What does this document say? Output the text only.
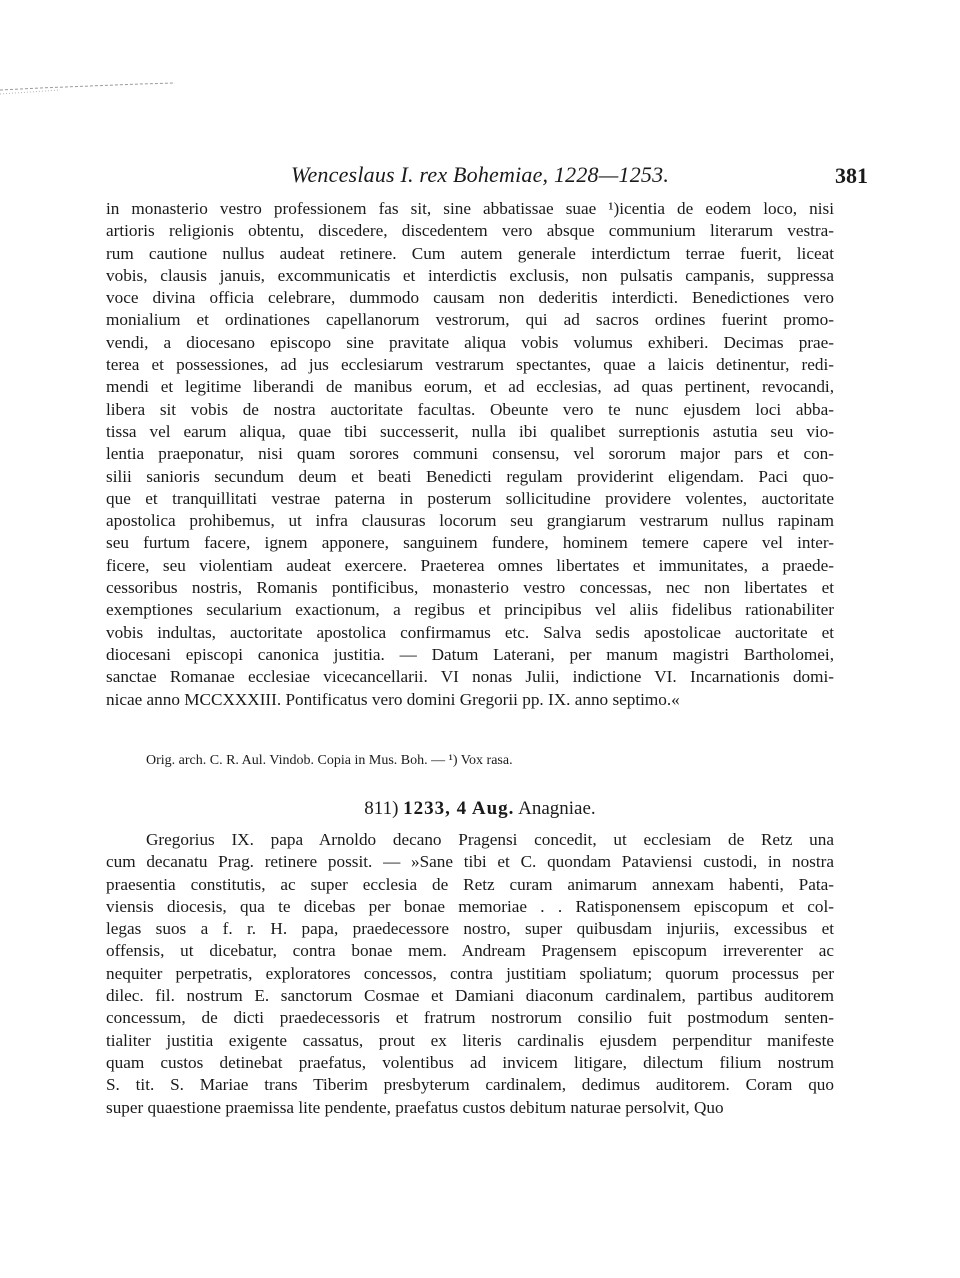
Wenceslaus I. rex Bohemiae, 1228—1253.	381
in monasterio vestro professionem fas sit, sine abbatissae suae ¹)icentia de eodem loco, nisi
artioris religionis obtentu, discedere, discedentem vero absque communium literarum vestra-
rum cautione nullus audeat retinere. Cum autem generale interdictum terrae fuerit, liceat
vobis, clausis januis, excommunicatis et interdictis exclusis, non pulsatis campanis, suppressa
voce divina officia celebrare, dummodo causam non dederitis interdicti. Benedictiones vero
monialium et ordinationes capellanorum vestrorum, qui ad sacros ordines fuerint promo-
vendi, a diocesano episcopo sine pravitate aliqua vobis volumus exhiberi. Decimas prae-
terea et possessiones, ad jus ecclesiarum vestrarum spectantes, quae a laicis detinentur, redi-
mendi et legitime liberandi de manibus eorum, et ad ecclesias, ad quas pertinent, revocandi,
libera sit vobis de nostra auctoritate facultas. Obeunte vero te nunc ejusdem loci abba-
tissa vel earum aliqua, quae tibi successerit, nulla ibi qualibet surreptionis astutia seu vio-
lentia praeponatur, nisi quam sorores communi consensu, vel sororum major pars et con-
silii sanioris secundum deum et beati Benedicti regulam providerint eligendam. Paci quo-
que et tranquillitati vestrae paterna in posterum sollicitudine providere volentes, auctoritate
apostolica prohibemus, ut infra clausuras locorum seu grangiarum vestrarum nullus rapinam
seu furtum facere, ignem apponere, sanguinem fundere, hominem temere capere vel inter-
ficere, seu violentiam audeat exercere. Praeterea omnes libertates et immunitates, a praede-
cessoribus nostris, Romanis pontificibus, monasterio vestro concessas, nec non libertates et
exemptiones secularium exactionum, a regibus et principibus vel aliis fidelibus rationabiliter
vobis indultas, auctoritate apostolica confirmamus etc. Salva sedis apostolicae auctoritate et
diocesani episcopi canonica justitia. — Datum Laterani, per manum magistri Bartholomei,
sanctae Romanae ecclesiae vicecancellarii. VI nonas Julii, indictione VI. Incarnationis domi-
nicae anno MCCXXXIII. Pontificatus vero domini Gregorii pp. IX. anno septimo.«
Orig. arch. C. R. Aul. Vindob. Copia in Mus. Boh. — ¹) Vox rasa.
811) 1233, 4 Aug. Anagniae.
Gregorius IX. papa Arnoldo decano Pragensi concedit, ut ecclesiam de Retz una
cum decanatu Prag. retinere possit. — »Sane tibi et C. quondam Pataviensi custodi, in nostra
praesentia constitutis, ac super ecclesia de Retz curam animarum annexam habenti, Pata-
viensis diocesis, qua te dicebas per bonae memoriae . . Ratisponensem episcopum et col-
legas suos a f. r. H. papa, praedecessore nostro, super quibusdam injuriis, excessibus et
offensis, ut dicebatur, contra bonae mem. Andream Pragensem episcopum irreverenter ac
nequiter perpetratis, exploratores concessos, contra justitiam spoliatum; quorum processus per
dilec. fil. nostrum E. sanctorum Cosmae et Damiani diaconum cardinalem, partibus auditorem
concessum, de dicti praedecessoris et fratrum nostrorum consilio fuit postmodum senten-
tialiter justitia exigente cassatus, prout ex literis cardinalis ejusdem perpenditur manifeste
quam custos detinebat praefatus, volentibus ad invicem litigare, dilectum filium nostrum
S. tit. S. Mariae trans Tiberim presbyterum cardinalem, dedimus auditorem. Coram quo
super quaestione praemissa lite pendente, praefatus custos debitum naturae persolvit, Quo
